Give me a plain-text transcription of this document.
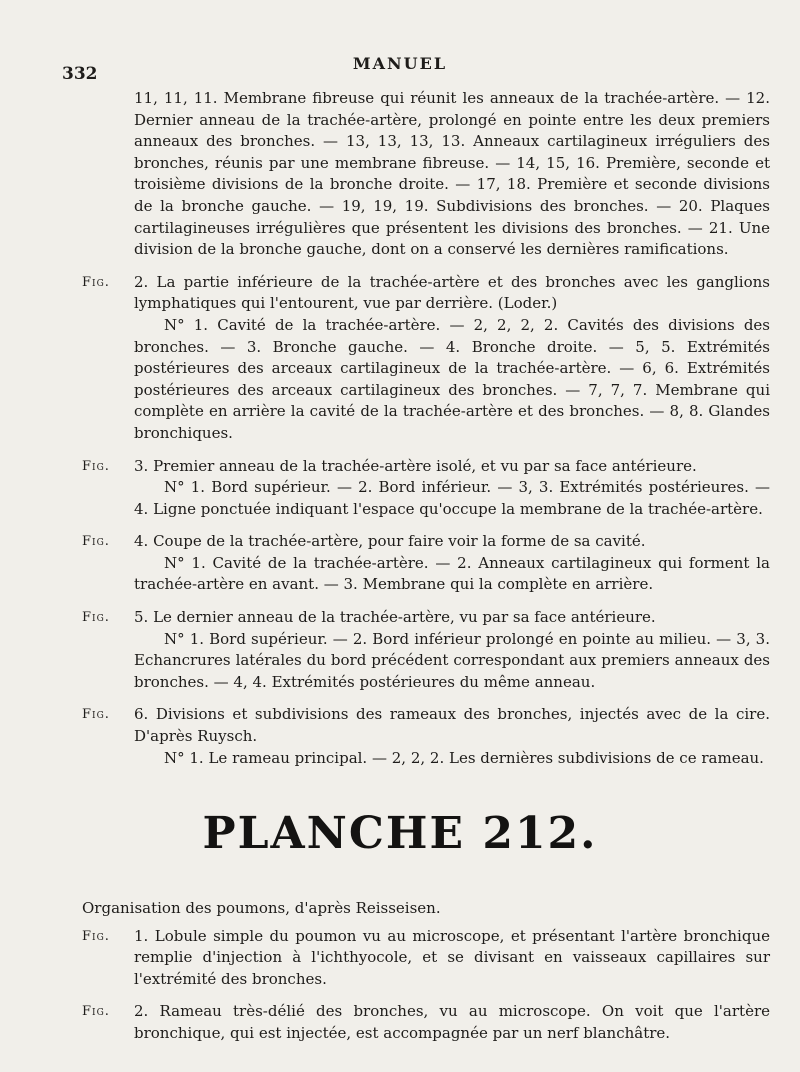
332
MANUEL

11, 11, 11. Membrane fibreuse qui réunit les anneaux de la trachée-artère. — 12. Dernier anneau de la trachée-artère, prolongé en pointe entre les deux premiers anneaux des bronches. — 13, 13, 13, 13. Anneaux cartilagineux irréguliers des bronches, réunis par une membrane fibreuse. — 14, 15, 16. Première, seconde et troisième divisions de la bronche droite. — 17, 18. Première et seconde divisions de la bronche gauche. — 19, 19, 19. Subdivisions des bronches. — 20. Plaques cartilagineuses irrégulières que présentent les divisions des bronches. — 21. Une division de la bronche gauche, dont on a conservé les dernières ramifications.

Fig. 2. La partie inférieure de la trachée-artère et des bronches avec les ganglions lymphatiques qui l'entourent, vue par derrière. (Loder.)
N° 1. Cavité de la trachée-artère. — 2, 2, 2, 2. Cavités des divisions des bronches. — 3. Bronche gauche. — 4. Bronche droite. — 5, 5. Extrémités postérieures des arceaux cartilagineux de la trachée-artère. — 6, 6. Extrémités postérieures des arceaux cartilagineux des bronches. — 7, 7, 7. Membrane qui complète en arrière la cavité de la trachée-artère et des bronches. — 8, 8. Glandes bronchiques.
Fig. 3. Premier anneau de la trachée-artère isolé, et vu par sa face antérieure.
N° 1. Bord supérieur. — 2. Bord inférieur. — 3, 3. Extrémités postérieures. — 4. Ligne ponctuée indiquant l'espace qu'occupe la membrane de la trachée-artère.
Fig. 4. Coupe de la trachée-artère, pour faire voir la forme de sa cavité.
N° 1. Cavité de la trachée-artère. — 2. Anneaux cartilagineux qui forment la trachée-artère en avant. — 3. Membrane qui la complète en arrière.
Fig. 5. Le dernier anneau de la trachée-artère, vu par sa face antérieure.
N° 1. Bord supérieur. — 2. Bord inférieur prolongé en pointe au milieu. — 3, 3. Echancrures latérales du bord précédent correspondant aux premiers anneaux des bronches. — 4, 4. Extrémités postérieures du même anneau.
Fig. 6. Divisions et subdivisions des rameaux des bronches, injectés avec de la cire. D'après Ruysch.
N° 1. Le rameau principal. — 2, 2, 2. Les dernières subdivisions de ce rameau.
PLANCHE 212.

Organisation des poumons, d'après Reisseisen.

Fig. 1. Lobule simple du poumon vu au microscope, et présentant l'artère bronchique remplie d'injection à l'ichthyocole, et se divisant en vaisseaux capillaires sur l'extrémité des bronches.
Fig. 2. Rameau très-délié des bronches, vu au microscope. On voit que l'artère bronchique, qui est injectée, est accompagnée par un nerf blanchâtre.
